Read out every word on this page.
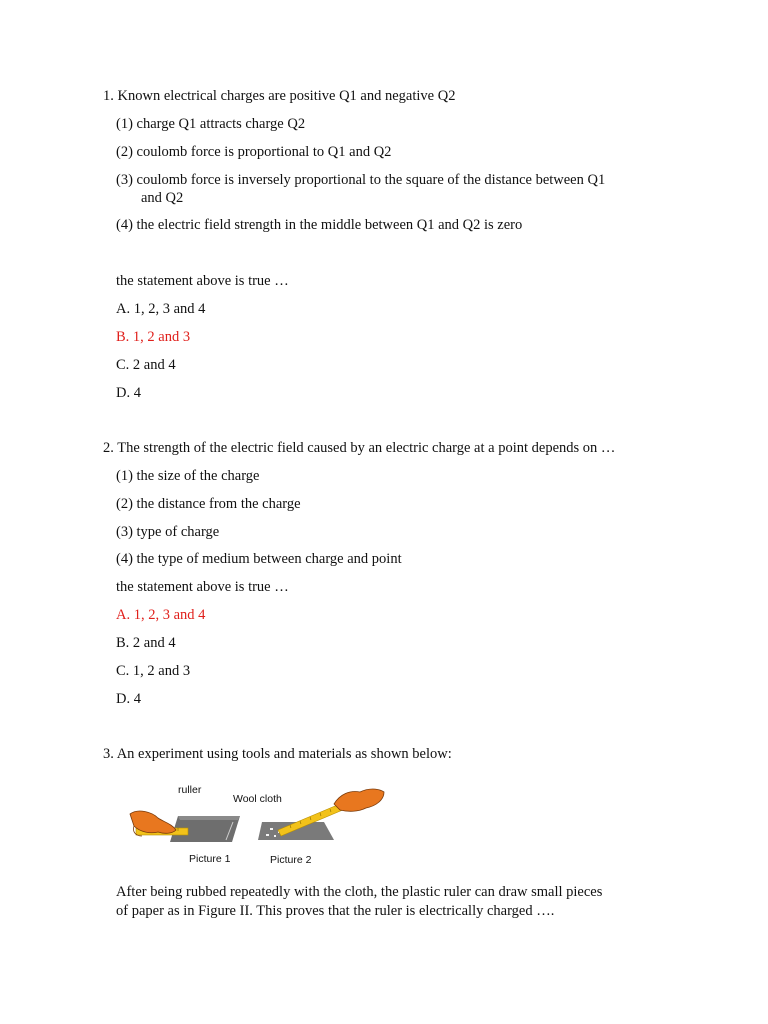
1. Known electrical charges are positive Q1 and negative Q2
(1) charge Q1 attracts charge Q2
(2) coulomb force is proportional to Q1 and Q2
(3) coulomb force is inversely proportional to the square of the distance between Q1
and Q2
(4) the electric field strength in the middle between Q1 and Q2 is zero
the statement above is true …
A. 1, 2, 3 and 4
B. 1, 2 and 3
C. 2 and 4
D. 4
2. The strength of the electric field caused by an electric charge at a point depends on …
(1) the size of the charge
(2) the distance from the charge
(3) type of charge
(4) the type of medium between charge and point
the statement above is true …
A. 1, 2, 3 and 4
B. 2 and 4
C. 1, 2 and 3
D. 4
3. An experiment using tools and materials as shown below:
ruller
Wool cloth
Picture 1	Picture 2
After being rubbed repeatedly with the cloth, the plastic ruler can draw small pieces
of paper as in Figure II. This proves that the ruler is electrically charged ….
